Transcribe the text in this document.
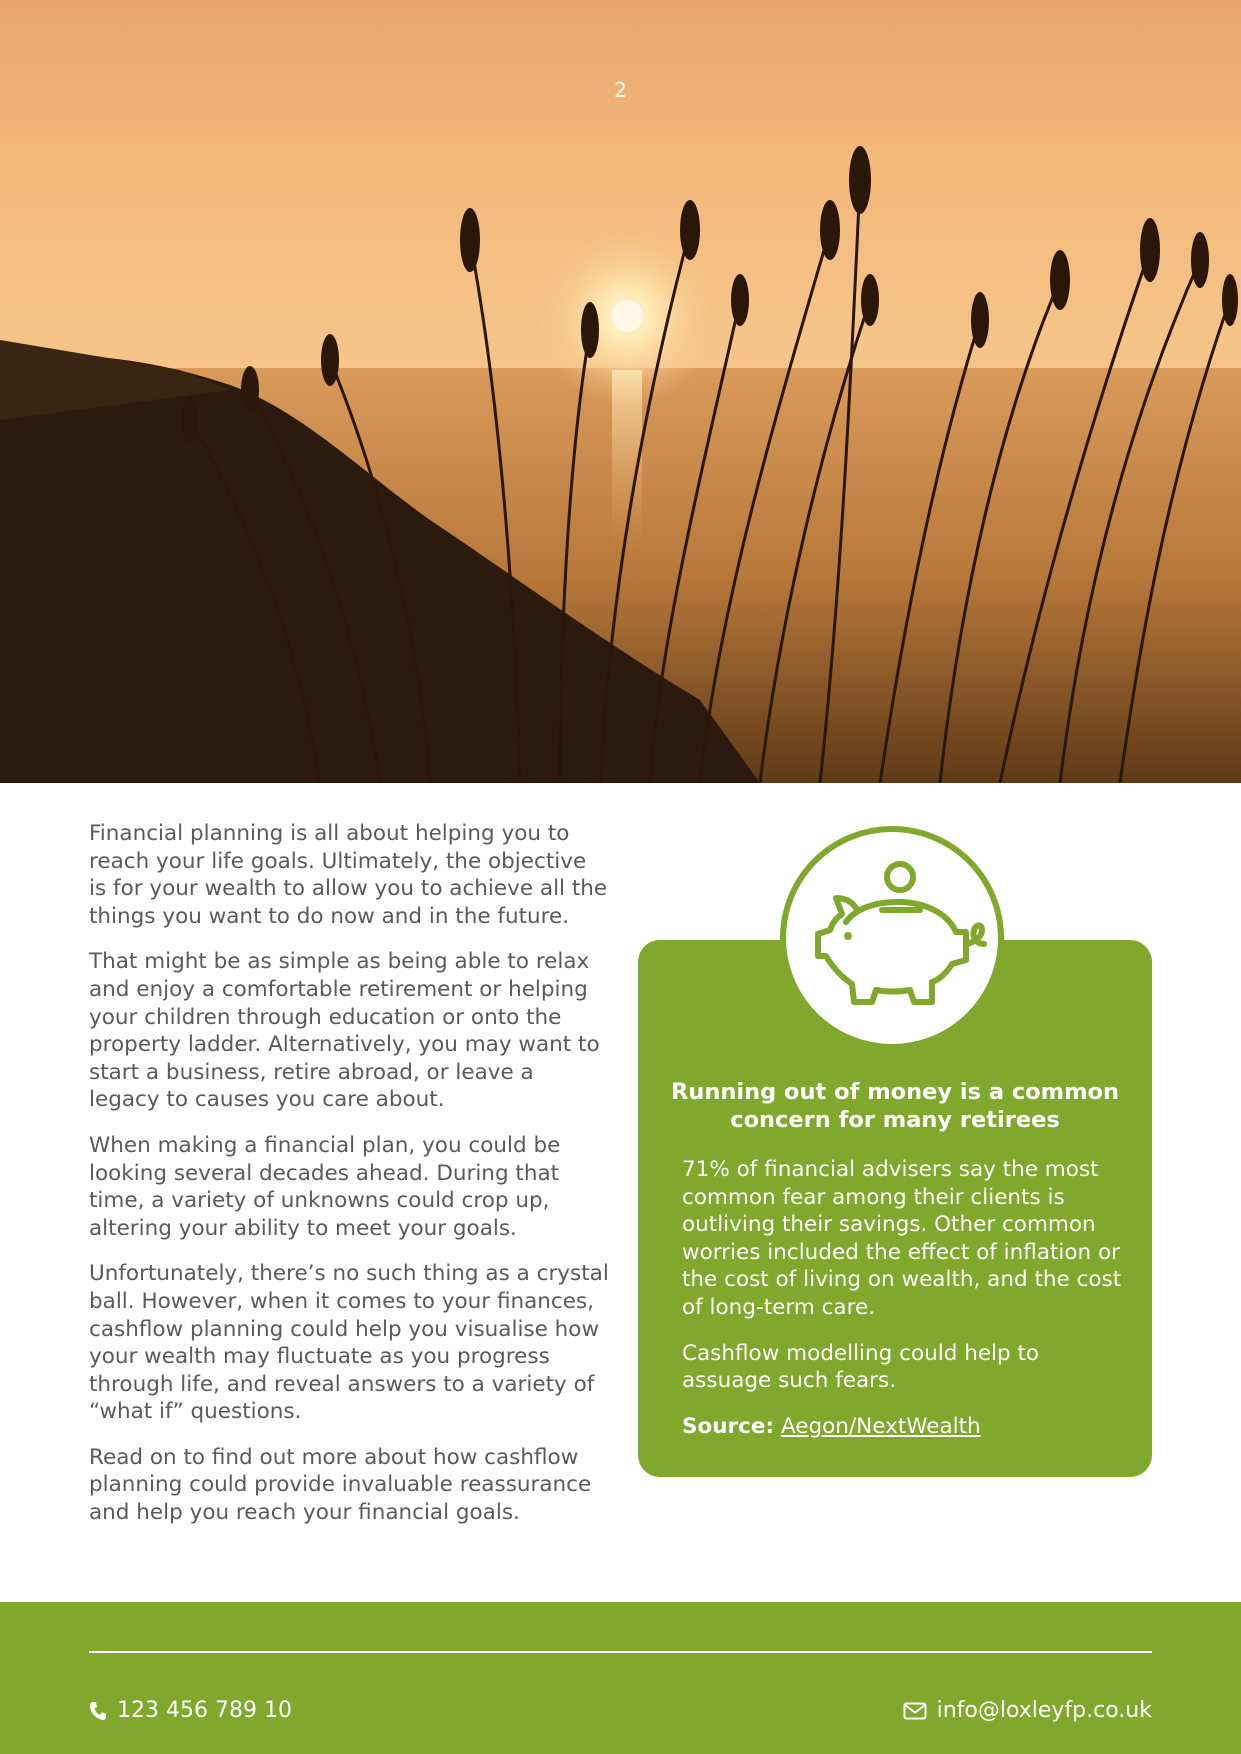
2

Financial planning is all about helping you to reach your life goals. Ultimately, the objective is for your wealth to allow you to achieve all the things you want to do now and in the future.

That might be as simple as being able to relax and enjoy a comfortable retirement or helping your children through education or onto the property ladder. Alternatively, you may want to start a business, retire abroad, or leave a legacy to causes you care about.

When making a financial plan, you could be looking several decades ahead. During that time, a variety of unknowns could crop up, altering your ability to meet your goals.

Unfortunately, there’s no such thing as a crystal ball. However, when it comes to your finances, cashflow planning could help you visualise how your wealth may fluctuate as you progress through life, and reveal answers to a variety of “what if” questions.

Read on to find out more about how cashflow planning could provide invaluable reassurance and help you reach your financial goals.

Running out of money is a common concern for many retirees

71% of financial advisers say the most common fear among their clients is outliving their savings. Other common worries included the effect of inflation or the cost of living on wealth, and the cost of long-term care.

Cashflow modelling could help to assuage such fears.

Source: Aegon/NextWealth

123 456 789 10	info@loxleyfp.co.uk
